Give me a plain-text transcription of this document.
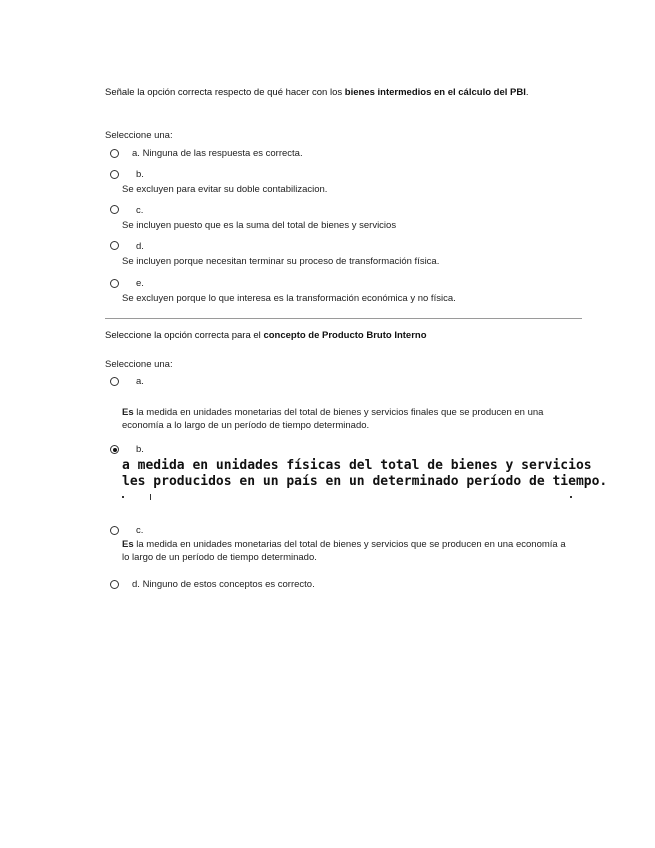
Señale la opción correcta respecto de qué hacer con los bienes intermedios en el cálculo del PBI.
Seleccione una:
a. Ninguna de las respuesta es correcta.
b.
Se excluyen para evitar su doble contabilizacion.
c.
Se incluyen puesto que es la suma del total de bienes y servicios
d.
Se incluyen porque necesitan terminar su proceso de transformación física.
e.
Se excluyen porque lo que interesa es la transformación económica y no física.
Seleccione la opción correcta para el concepto de Producto Bruto Interno
Seleccione una:
a.
Es la medida en unidades monetarias del total de bienes y servicios finales que se producen en una economía a lo largo de un período de tiempo determinado.
b.
a medida en unidades físicas del total de bienes y servicios
les producidos en un país en un determinado período de tiempo.
c.
Es la medida en unidades monetarias del total de bienes y servicios que se producen en una economía a lo largo de un período de tiempo determinado.
d. Ninguno de estos conceptos es correcto.
